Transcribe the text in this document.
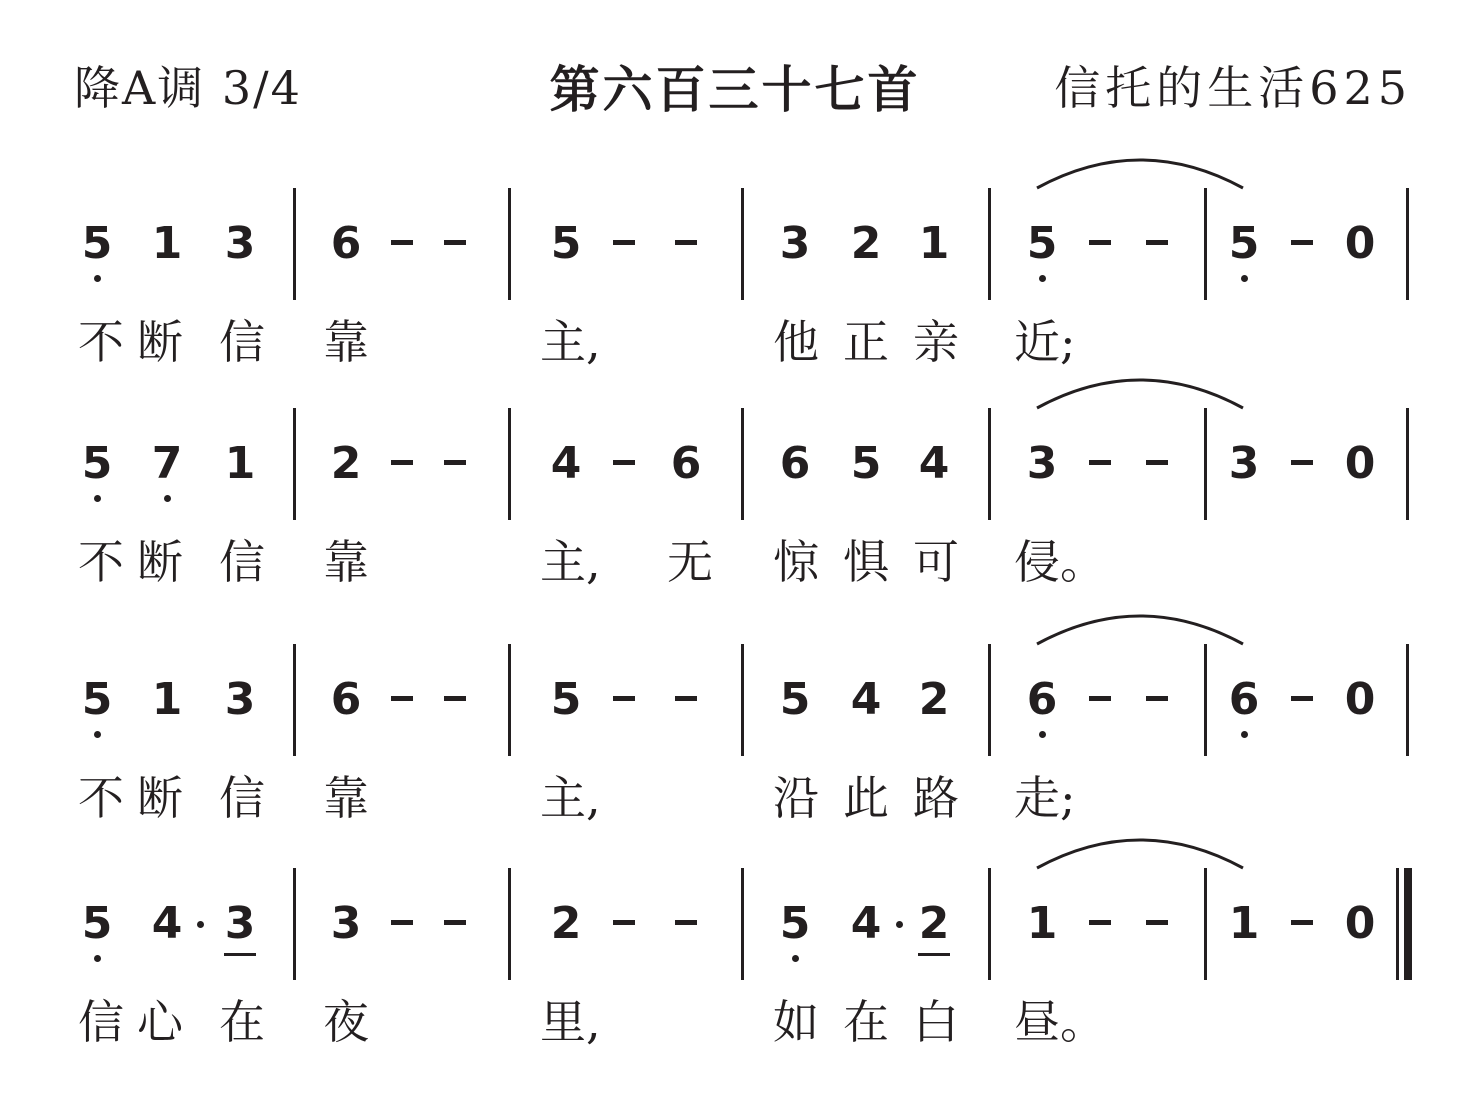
降A调 3/4	第六百三十七首	信托的生活625
5 1 3 6	5	3 2 1 5	5 0
不 断 信 靠	主,	他 正 亲 近;
5 7 1 2	4 6 6 5 4 3	3 0
不 断 信 靠	主, 无 惊 惧 可 侵。
5 1 3 6	5	5 4 2 6	6 0
不 断 信 靠	主,	沿 此 路 走;
5 4 3 3	2	5 4 2 1	1 0
信 心 在 夜	里,	如 在 白 昼。
